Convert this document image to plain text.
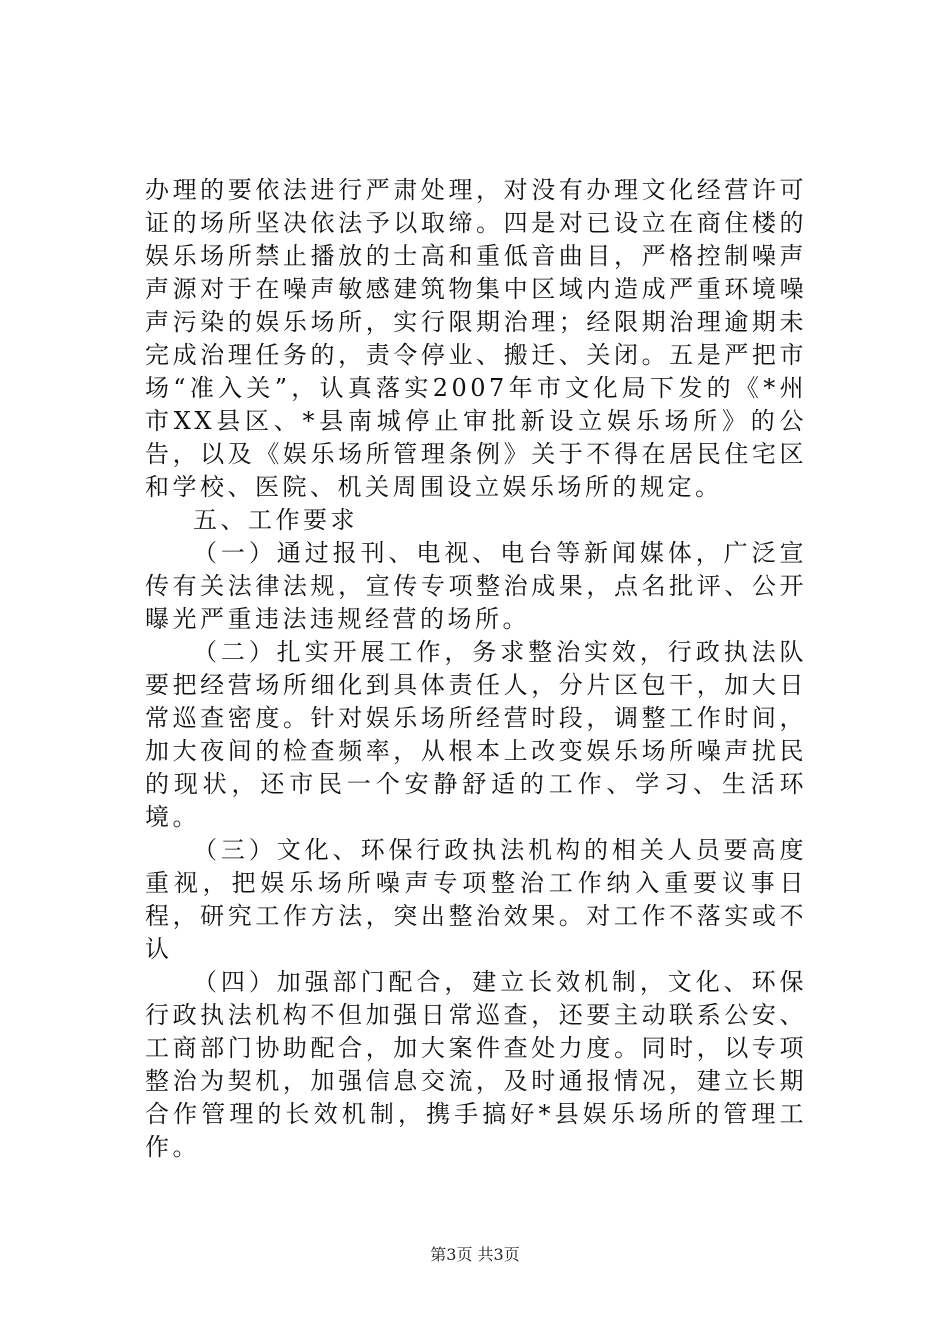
办理的要依法进行严肃处理，对没有办理文化经营许可证的场所坚决依法予以取缔。四是对已设立在商住楼的娱乐场所禁止播放的士高和重低音曲目，严格控制噪声声源对于在噪声敏感建筑物集中区域内造成严重环境噪声污染的娱乐场所，实行限期治理；经限期治理逾期未完成治理任务的，责令停业、搬迁、关闭。五是严把市场“准入关”，认真落实2007年市文化局下发的《*州市XX县区、*县南城停止审批新设立娱乐场所》的公告，以及《娱乐场所管理条例》关于不得在居民住宅区和学校、医院、机关周围设立娱乐场所的规定。

五、工作要求

（一）通过报刊、电视、电台等新闻媒体，广泛宣传有关法律法规，宣传专项整治成果，点名批评、公开曝光严重违法违规经营的场所。

（二）扎实开展工作，务求整治实效，行政执法队要把经营场所细化到具体责任人，分片区包干，加大日常巡查密度。针对娱乐场所经营时段，调整工作时间，加大夜间的检查频率，从根本上改变娱乐场所噪声扰民的现状，还市民一个安静舒适的工作、学习、生活环境。

（三）文化、环保行政执法机构的相关人员要高度重视，把娱乐场所噪声专项整治工作纳入重要议事日程，研究工作方法，突出整治效果。对工作不落实或不认

（四）加强部门配合，建立长效机制，文化、环保行政执法机构不但加强日常巡查，还要主动联系公安、工商部门协助配合，加大案件查处力度。同时，以专项整治为契机，加强信息交流，及时通报情况，建立长期合作管理的长效机制，携手搞好*县娱乐场所的管理工作。

第3页 共3页
